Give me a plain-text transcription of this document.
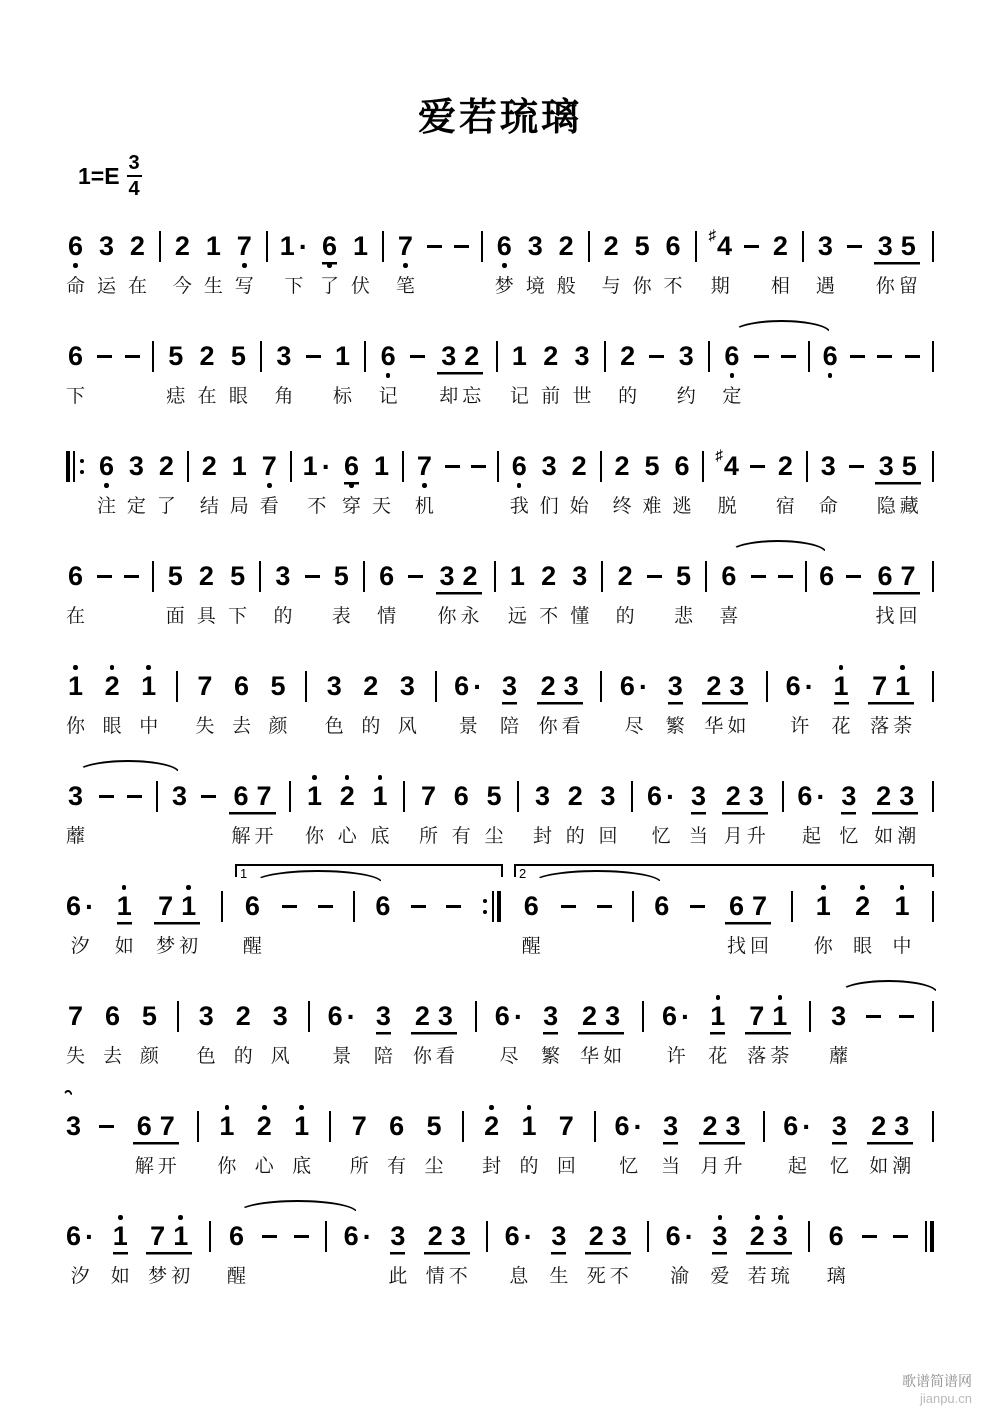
爱若琉璃
$1=E \frac{3}{4}$
6
命
3
运
2
在
2
今
1
生
7
写
1 ·
下
6
了
1
伏
7
笔
6
梦
3
境
2
般
2
与
5
你
6
不
♯ 4
期
2
相
3
遇
3
你
5
留
6
下
5
痣
2
在
5
眼
3
角
1
标
6
记
3
却
2
忘
1
记
2
前
3
世
2
的
3
约
6
定
6
6
注
3
定
2
了
2
结
1
局
7
看
1 ·
不
6
穿
1
天
7
机
6
我
3
们
2
始
2
终
5
难
6
逃
♯ 4
脱
2
宿
3
命
3
隐
5
藏
6
在
5
面
2
具
5
下
3
的
5
表
6
情
3
你
2
永
1
远
2
不
3
懂
2
的
5
悲
6
喜
6 6
找
7
回
1
你
2
眼
1
中
7
失
6
去
5
颜
3
色
2
的
3
风
6 ·
景
3
陪
2
你
3
看
6 ·
尽
3
繁
2
华
3
如
6 ·
许
1
花
7
落
1
荼
3
蘼
3 6
解
7
开
1
你
2
心
1
底
7
所
6
有
5
尘
3
封
2
的
3
回
6 ·
忆
3
当
2
月
3
升
6 ·
起
3
忆
2
如
3
潮
6 ·
汐
1
如
7
梦
1
初
6
醒
6	6
醒
6 6
找
7
回
1
你
2
眼
1
中
1	2
7
失
6
去
5
颜
3
色
2
的
3
风
6 ·
景
3
陪
2
你
3
看
6 ·
尽
3
繁
2
华
3
如
6 ·
许
1
花
7
落
1
荼
3
蘼
3 6
解
7
开
1
你
2
心
1
底
7
所
6
有
5
尘
2
封
1
的
7
回
6 ·
忆
3
当
2
月
3
升
6 ·
起
3
忆
2
如
3
潮
6 ·
汐
1
如
7
梦
1
初
6
醒
6 · 3
此
2
情
3
不
6 ·
息
3
生
2
死
3
不
6 ·
渝
3
爱
2
若
3
琉
6
璃
歌谱简谱网
jianpu.cn
